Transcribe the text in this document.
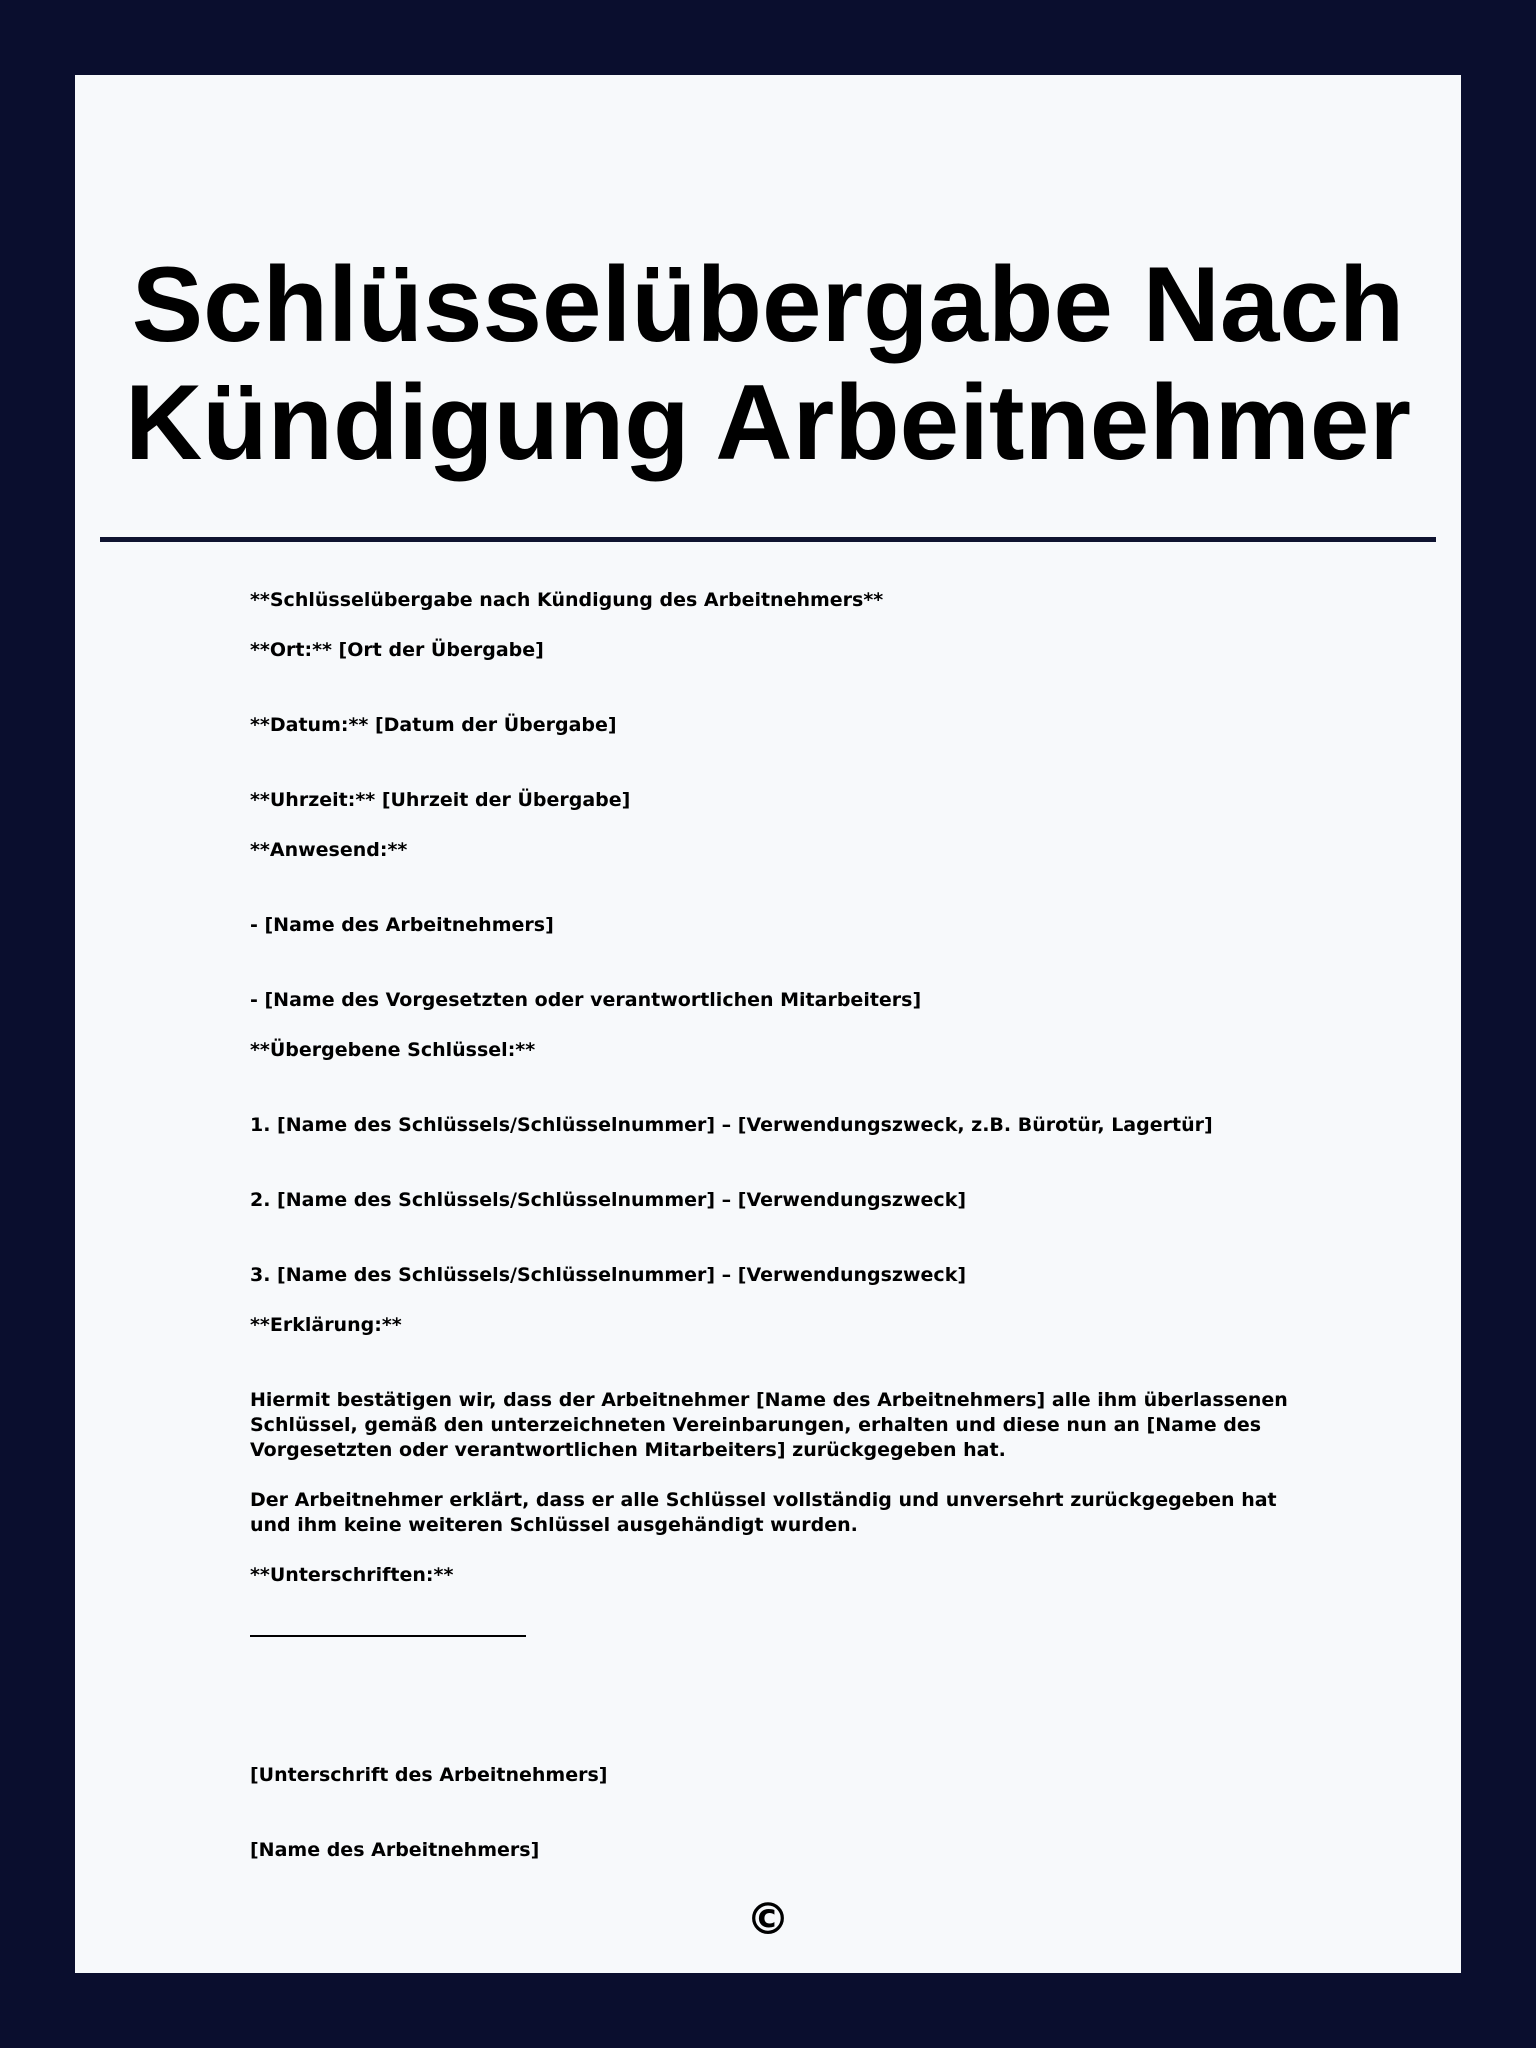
Schlüsselübergabe Nach Kündigung Arbeitnehmer
**Schlüsselübergabe nach Kündigung des Arbeitnehmers**
**Ort:** [Ort der Übergabe]
**Datum:** [Datum der Übergabe]
**Uhrzeit:** [Uhrzeit der Übergabe]
**Anwesend:**
- [Name des Arbeitnehmers]
- [Name des Vorgesetzten oder verantwortlichen Mitarbeiters]
**Übergebene Schlüssel:**
1. [Name des Schlüssels/Schlüsselnummer] – [Verwendungszweck, z.B. Bürotür, Lagertür]
2. [Name des Schlüssels/Schlüsselnummer] – [Verwendungszweck]
3. [Name des Schlüssels/Schlüsselnummer] – [Verwendungszweck]
**Erklärung:**
Hiermit bestätigen wir, dass der Arbeitnehmer [Name des Arbeitnehmers] alle ihm überlassenen Schlüssel, gemäß den unterzeichneten Vereinbarungen, erhalten und diese nun an [Name des Vorgesetzten oder verantwortlichen Mitarbeiters] zurückgegeben hat.
Der Arbeitnehmer erklärt, dass er alle Schlüssel vollständig und unversehrt zurückgegeben hat und ihm keine weiteren Schlüssel ausgehändigt wurden.
**Unterschriften:**
[Unterschrift des Arbeitnehmers]
[Name des Arbeitnehmers]
©
